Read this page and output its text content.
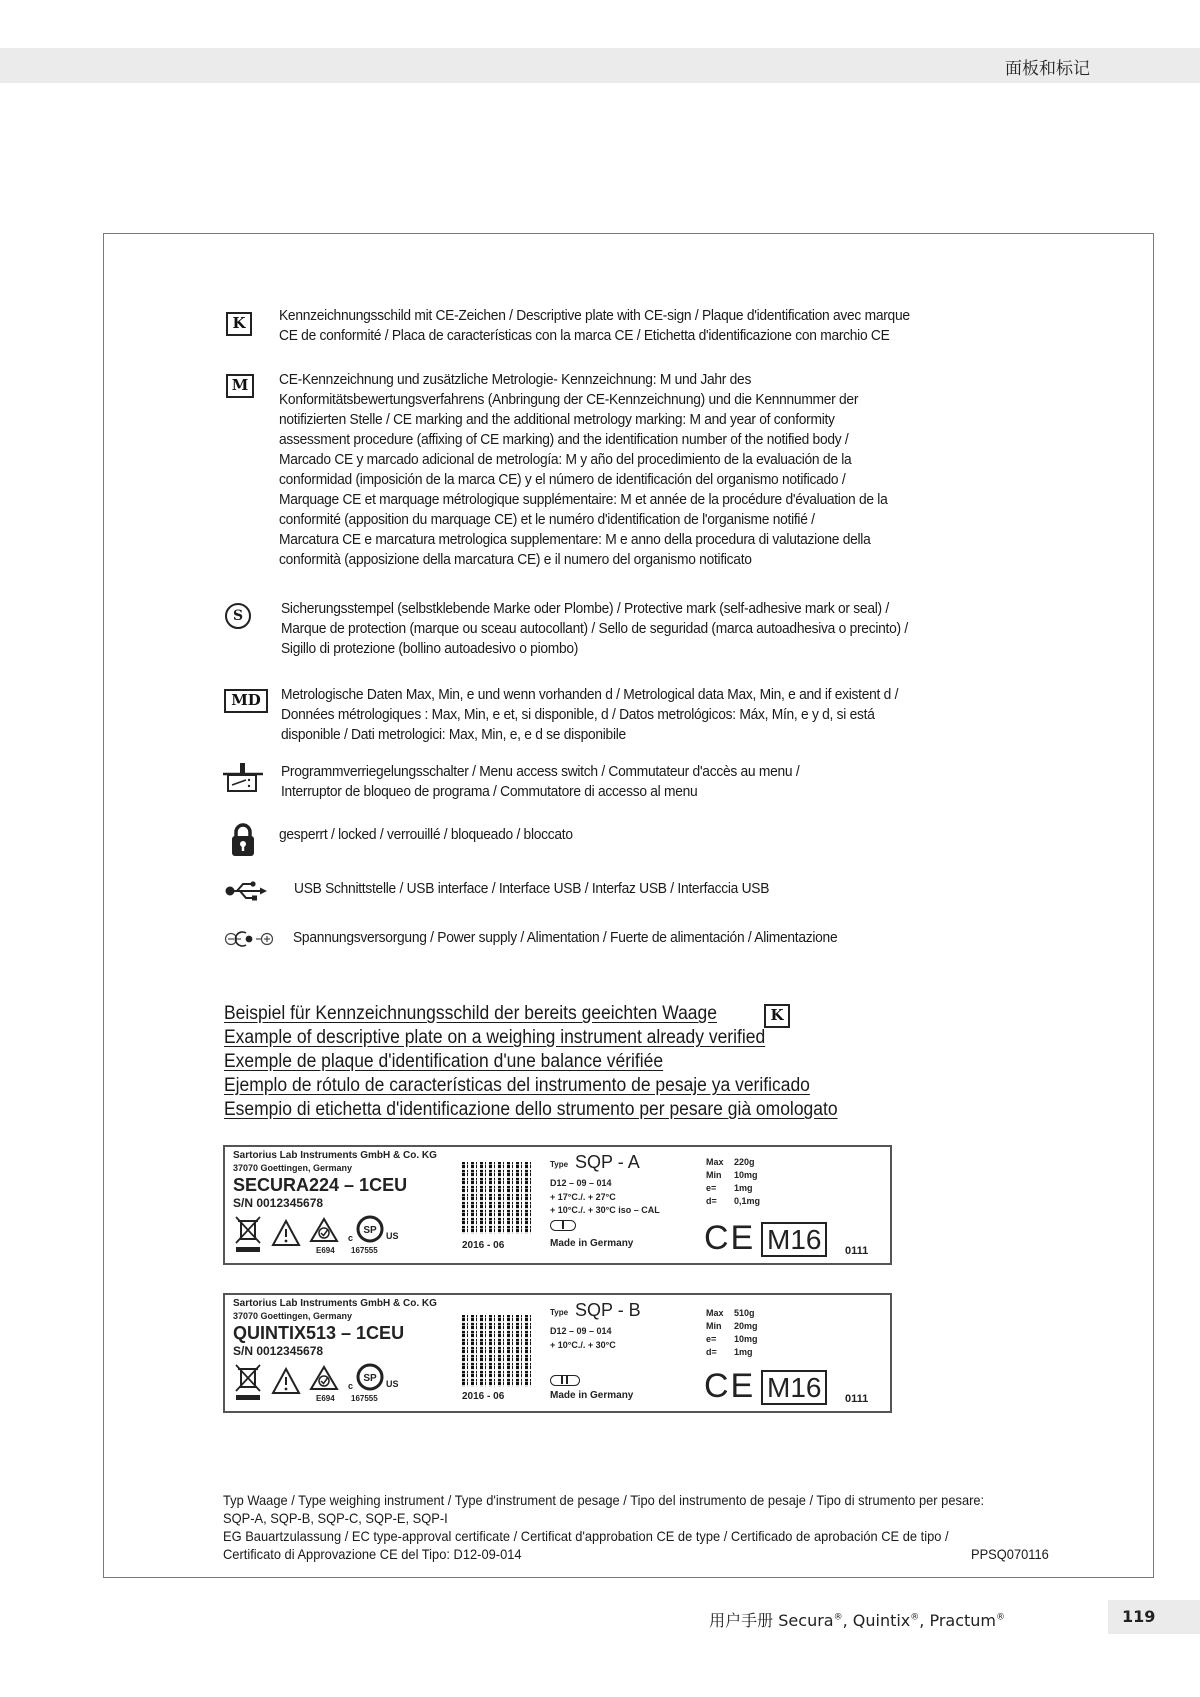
面板和标记
K	Kennzeichnungsschild mit CE-Zeichen / Descriptive plate with CE-sign / Plaque d'identification avec marque
CE de conformité / Placa de características con la marca CE / Etichetta d'identificazione con marchio CE
M	CE-Kennzeichnung und zusätzliche Metrologie- Kennzeichnung: M und Jahr des
Konformitätsbewertungsverfahrens (Anbringung der CE-Kennzeichnung) und die Kennnummer der
notifizierten Stelle / CE marking and the additional metrology marking: M and year of conformity
assessment procedure (affixing of CE marking) and the identification number of the notified body /
Marcado CE y marcado adicional de metrología: M y año del procedimiento de la evaluación de la
conformidad (imposición de la marca CE) y el número de identificación del organismo notificado /
Marquage CE et marquage métrologique supplémentaire: M et année de la procédure d'évaluation de la
conformité (apposition du marquage CE) et le numéro d'identification de l'organisme notifié /
Marcatura CE e marcatura metrologica supplementare: M e anno della procedura di valutazione della
conformità (apposizione della marcatura CE) e il numero del organismo notificato
S	Sicherungsstempel (selbstklebende Marke oder Plombe) / Protective mark (self-adhesive mark or seal) /
Marque de protection (marque ou sceau autocollant) / Sello de seguridad (marca autoadhesiva o precinto) /
Sigillo di protezione (bollino autoadesivo o piombo)
MD	Metrologische Daten Max, Min, e und wenn vorhanden d / Metrological data Max, Min, e and if existent d /
Données métrologiques : Max, Min, e et, si disponible, d / Datos metrológicos: Máx, Mín, e y d, si está
disponible / Dati metrologici: Max, Min, e, e d se disponibile
Programmverriegelungsschalter / Menu access switch / Commutateur d'accès au menu /
Interruptor de bloqueo de programa / Commutatore di accesso al menu
gesperrt / locked / verrouillé / bloqueado / bloccato
USB Schnittstelle / USB interface / Interface USB / Interfaz USB / Interfaccia USB
Spannungsversorgung / Power supply / Alimentation / Fuerte de alimentación / Alimentazione
Beispiel für Kennzeichnungsschild der bereits geeichten Waage	K
Example of descriptive plate on a weighing instrument already verified
Exemple de plaque d'identification d'une balance vérifiée
Ejemplo de rótulo de características del instrumento de pesaje ya verificado
Esempio di etichetta d'identificazione dello strumento per pesare già omologato
Sartorius Lab Instruments GmbH & Co. KG
37070 Goettingen, Germany
SECURA224 – 1CEU
S/N 0012345678
E694
c
SP US
167555	2016 - 06
Type SQP - A
D12 – 09 – 014
+ 17°C./. + 27°C
+ 10°C./. + 30°C iso – CAL
Made in Germany
Max 220g
Min 10mg
e= 1mg
d= 0,1mg
CE M16	0111
Sartorius Lab Instruments GmbH & Co. KG
37070 Goettingen, Germany
QUINTIX513 – 1CEU
S/N 0012345678
E694
c
SP US
167555	2016 - 06
Type SQP - B
D12 – 09 – 014
+ 10°C./. + 30°C
Made in Germany
Max 510g
Min 20mg
e= 10mg
d= 1mg
CE M16	0111
Typ Waage / Type weighing instrument / Type d'instrument de pesage / Tipo del instrumento de pesaje / Tipo di strumento per pesare:
SQP-A, SQP-B, SQP-C, SQP-E, SQP-I
EG Bauartzulassung / EC type-approval certificate / Certificat d'approbation CE de type / Certificado de aprobación CE de tipo /
Certificato di Approvazione CE del Tipo: D12-09-014	PPSQ070116
用户手册 Secura®, Quintix®, Practum®	119
